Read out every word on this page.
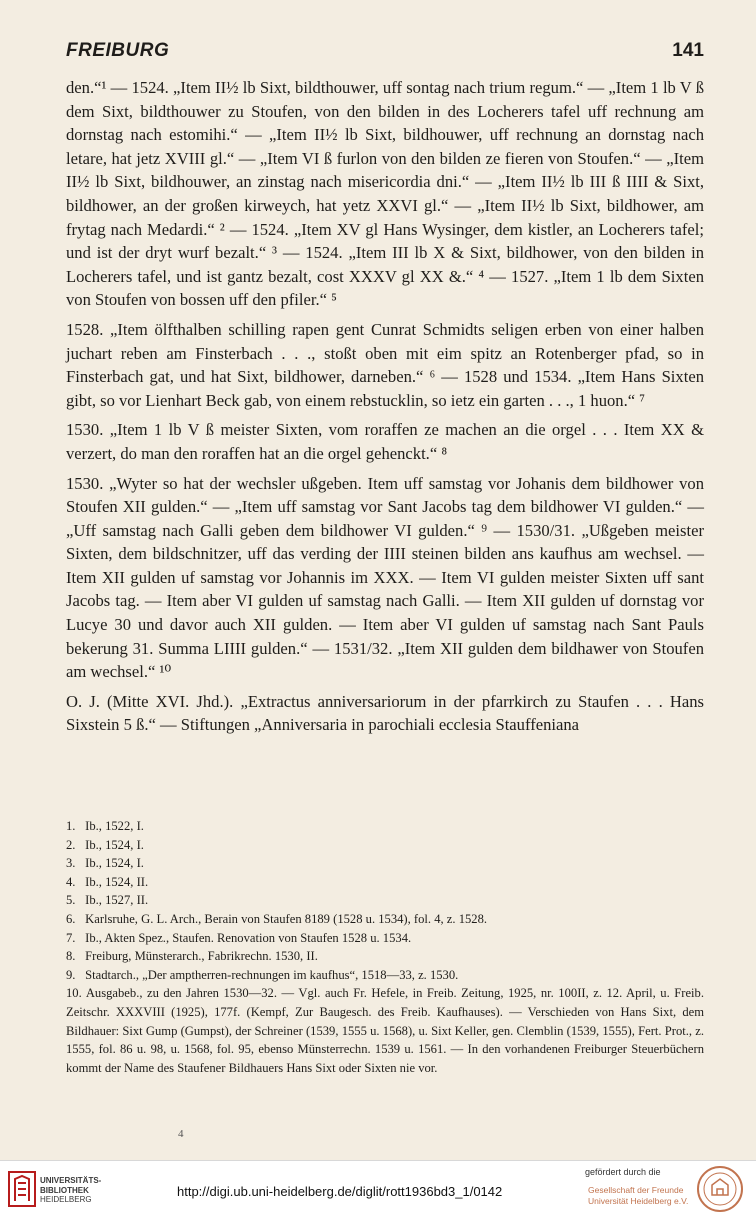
FREIBURG	141

den.“¹ — 1524. „Item II½ lb Sixt, bildthouwer, uff sontag nach trium regum.“ — „Item 1 lb V ß dem Sixt, bildthouwer zu Stoufen, von den bilden in des Locherers tafel uff rechnung am dornstag nach estomihi.“ — „Item II½ lb Sixt, bildhouwer, uff rechnung an dornstag nach letare, hat jetz XVIII gl.“ — „Item VI ß furlon von den bilden ze fieren von Stoufen.“ — „Item II½ lb Sixt, bildhouwer, an zinstag nach misericordia dni.“ — „Item II½ lb III ß IIII & Sixt, bildhower, an der großen kirweych, hat yetz XXVI gl.“ — „Item II½ lb Sixt, bildhower, am frytag nach Medardi.“ ² — 1524. „Item XV gl Hans Wysinger, dem kistler, an Locherers tafel; und ist der dryt wurf bezalt.“ ³ — 1524. „Item III lb X & Sixt, bildhower, von den bilden in Locherers tafel, und ist gantz bezalt, cost XXXV gl XX &.“ ⁴ — 1527. „Item 1 lb dem Sixten von Stoufen von bossen uff den pfiler.“ ⁵

1528. „Item ölfthalben schilling rapen gent Cunrat Schmidts seligen erben von einer halben juchart reben am Finsterbach . . ., stoßt oben mit eim spitz an Rotenberger pfad, so in Finsterbach gat, und hat Sixt, bildhower, darneben.“ ⁶ — 1528 und 1534. „Item Hans Sixten gibt, so vor Lienhart Beck gab, von einem rebstucklin, so ietz ein garten . . ., 1 huon.“ ⁷

1530. „Item 1 lb V ß meister Sixten, vom roraffen ze machen an die orgel . . . Item XX & verzert, do man den roraffen hat an die orgel gehenckt.“ ⁸

1530. „Wyter so hat der wechsler ußgeben. Item uff samstag vor Johanis dem bildhower von Stoufen XII gulden.“ — „Item uff samstag vor Sant Jacobs tag dem bildhower VI gulden.“ — „Uff samstag nach Galli geben dem bildhower VI gulden.“ ⁹ — 1530/31. „Ußgeben meister Sixten, dem bildschnitzer, uff das verding der IIII steinen bilden ans kaufhus am wechsel. — Item XII gulden uf samstag vor Johannis im XXX. — Item VI gulden meister Sixten uff sant Jacobs tag. — Item aber VI gulden uf samstag nach Galli. — Item XII gulden uf dornstag vor Lucye 30 und davor auch XII gulden. — Item aber VI gulden uf samstag nach Sant Pauls bekerung 31. Summa LIIII gulden.“ — 1531/32. „Item XII gulden dem bildhawer von Stoufen am wechsel.“ ¹⁰

O. J. (Mitte XVI. Jhd.). „Extractus anniversariorum in der pfarrkirch zu Staufen . . . Hans Sixstein 5 ß.“ — Stiftungen „Anniversaria in parochiali ecclesia Stauffeniana

1. Ib., 1522, I.

2. Ib., 1524, I.

3. Ib., 1524, I.

4. Ib., 1524, II.

5. Ib., 1527, II.

6. Karlsruhe, G. L. Arch., Berain von Staufen 8189 (1528 u. 1534), fol. 4, z. 1528.

7. Ib., Akten Spez., Staufen. Renovation von Staufen 1528 u. 1534.

8. Freiburg, Münsterarch., Fabrikrechn. 1530, II.

9. Stadtarch., „Der amptherren-rechnungen im kaufhus“, 1518—33, z. 1530.

10. Ausgabeb., zu den Jahren 1530—32. — Vgl. auch Fr. Hefele, in Freib. Zeitung, 1925, nr. 100II, z. 12. April, u. Freib. Zeitschr. XXXVIII (1925), 177f. (Kempf, Zur Baugesch. des Freib. Kaufhauses). — Verschieden von Hans Sixt, dem Bildhauer: Sixt Gump (Gumpst), der Schreiner (1539, 1555 u. 1568), u. Sixt Keller, gen. Clemblin (1539, 1555), Fert. Prot., z. 1555, fol. 86 u. 98, u. 1568, fol. 95, ebenso Münsterrechn. 1539 u. 1561. — In den vorhandenen Freiburger Steuerbüchern kommt der Name des Staufener Bildhauers Hans Sixt oder Sixten nie vor.

4
UNIVERSITÄTS-
BIBLIOTHEK
HEIDELBERG
http://digi.ub.uni-heidelberg.de/diglit/rott1936bd3_1/0142
gefördert durch die
Gesellschaft der Freunde
Universität Heidelberg e.V.
